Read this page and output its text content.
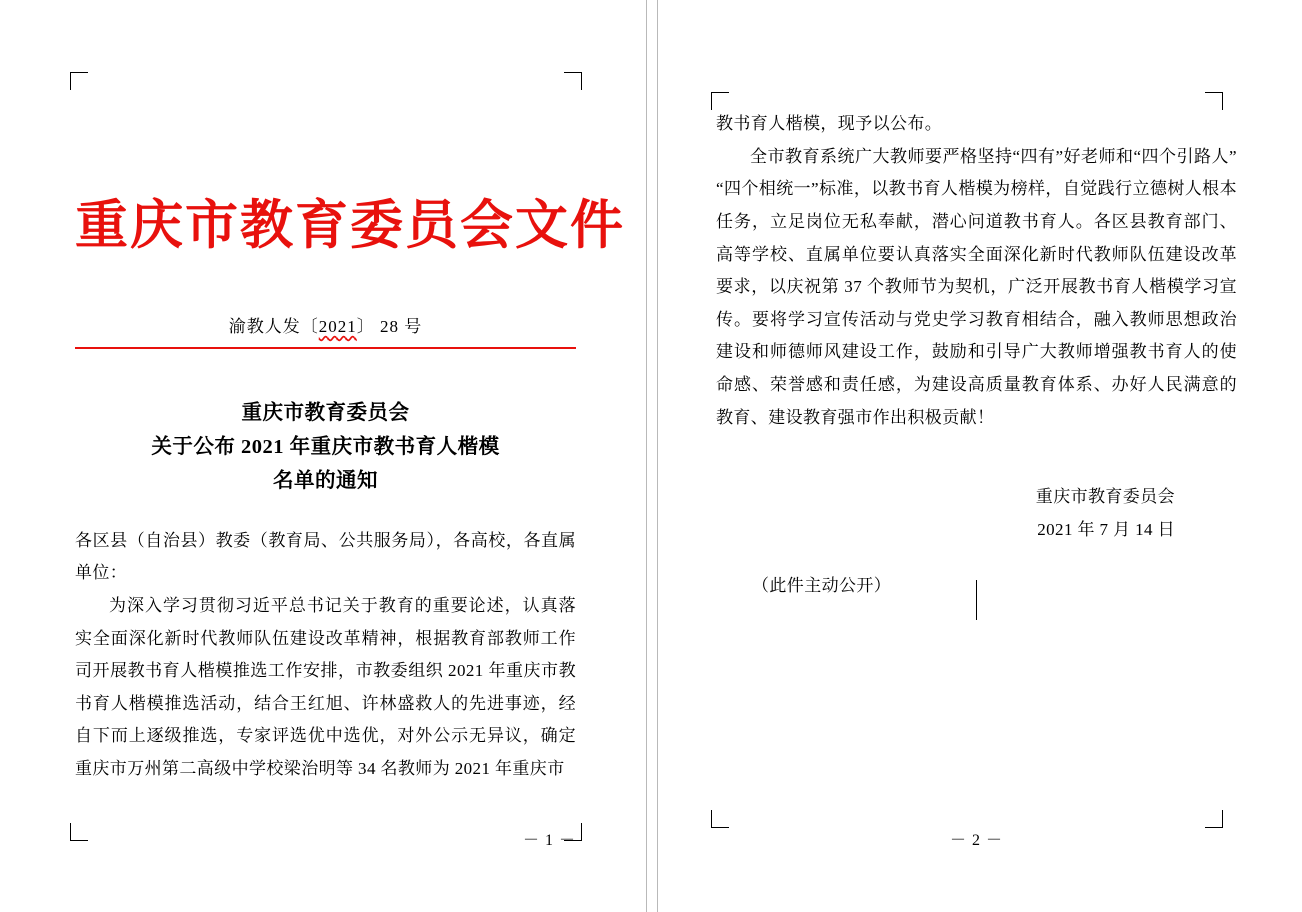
重庆市教育委员会文件
渝教人发〔2021〕 28 号
重庆市教育委员会
关于公布 2021 年重庆市教书育人楷模
名单的通知

各区县（自治县）教委（教育局、公共服务局），各高校，各直属单位：

为深入学习贯彻习近平总书记关于教育的重要论述，认真落实全面深化新时代教师队伍建设改革精神，根据教育部教师工作司开展教书育人楷模推选工作安排，市教委组织 2021 年重庆市教书育人楷模推选活动，结合王红旭、许林盛救人的先进事迹，经自下而上逐级推选，专家评选优中选优，对外公示无异议，确定重庆市万州第二高级中学校梁治明等 34 名教师为 2021 年重庆市

－ 1 －

教书育人楷模，现予以公布。

全市教育系统广大教师要严格坚持“四有”好老师和“四个引路人”“四个相统一”标准，以教书育人楷模为榜样，自觉践行立德树人根本任务，立足岗位无私奉献，潜心问道教书育人。各区县教育部门、高等学校、直属单位要认真落实全面深化新时代教师队伍建设改革要求，以庆祝第 37 个教师节为契机，广泛开展教书育人楷模学习宣传。要将学习宣传活动与党史学习教育相结合，融入教师思想政治建设和师德师风建设工作，鼓励和引导广大教师增强教书育人的使命感、荣誉感和责任感，为建设高质量教育体系、办好人民满意的教育、建设教育强市作出积极贡献！

重庆市教育委员会
2021 年 7 月 14 日
（此件主动公开）
－ 2 －
